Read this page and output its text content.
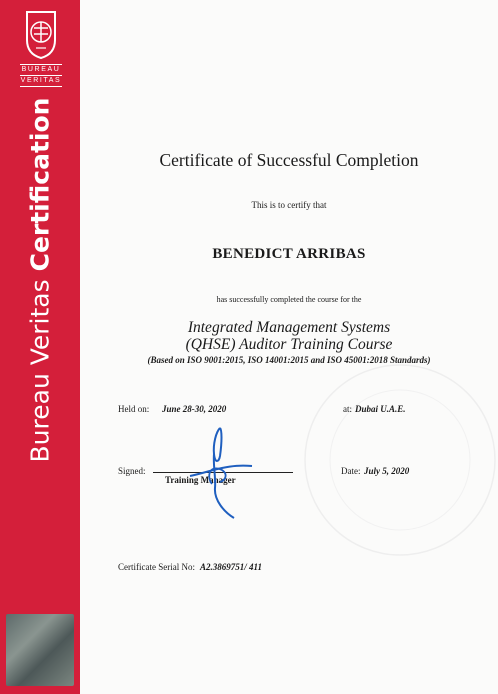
BUREAU
VERITAS
Bureau Veritas Certification	Certificate of Successful Completion
This is to certify that
BENEDICT ARRIBAS
has successfully completed the course for the
Integrated Management Systems
(QHSE) Auditor Training Course
(Based on ISO 9001:2015, ISO 14001:2015 and ISO 45001:2018 Standards)
Held on: June 28-30, 2020	at: Dubai U.A.E.
Signed:
Training Manager
Date: July 5, 2020
Certificate Serial No: A2.3869751/ 411
